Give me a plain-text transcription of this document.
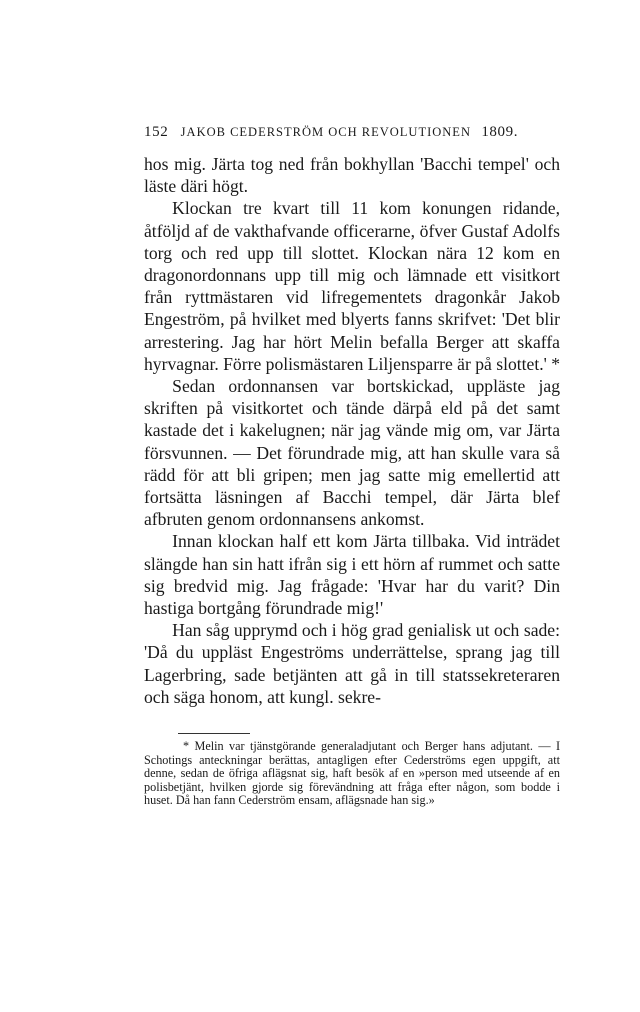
152 JAKOB CEDERSTRÖM OCH REVOLUTIONEN 1809.

hos mig. Järta tog ned från bokhyllan 'Bacchi tempel' och läste däri högt.

Klockan tre kvart till 11 kom konungen ridande, åtföljd af de vakthafvande officerarne, öfver Gustaf Adolfs torg och red upp till slottet. Klockan nära 12 kom en dragonordonnans upp till mig och lämnade ett visitkort från ryttmästaren vid lifregementets dragonkår Jakob Engeström, på hvilket med blyerts fanns skrifvet: 'Det blir arrestering. Jag har hört Melin befalla Berger att skaffa hyrvagnar. Förre polismästaren Liljensparre är på slottet.' *

Sedan ordonnansen var bortskickad, uppläste jag skriften på visitkortet och tände därpå eld på det samt kastade det i kakelugnen; när jag vände mig om, var Järta försvunnen. — Det förundrade mig, att han skulle vara så rädd för att bli gripen; men jag satte mig emellertid att fortsätta läsningen af Bacchi tempel, där Järta blef afbruten genom ordonnansens ankomst.

Innan klockan half ett kom Järta tillbaka. Vid inträdet slängde han sin hatt ifrån sig i ett hörn af rummet och satte sig bredvid mig. Jag frågade: 'Hvar har du varit? Din hastiga bortgång förundrade mig!'

Han såg upprymd och i hög grad genialisk ut och sade: 'Då du uppläst Engeströms underrättelse, sprang jag till Lagerbring, sade betjänten att gå in till statssekreteraren och säga honom, att kungl. sekre-

* Melin var tjänstgörande generaladjutant och Berger hans adjutant. — I Schotings anteckningar berättas, antagligen efter Cederströms egen uppgift, att denne, sedan de öfriga aflägsnat sig, haft besök af en »person med utseende af en polisbetjänt, hvilken gjorde sig förevändning att fråga efter någon, som bodde i huset. Då han fann Cederström ensam, aflägsnade han sig.»
